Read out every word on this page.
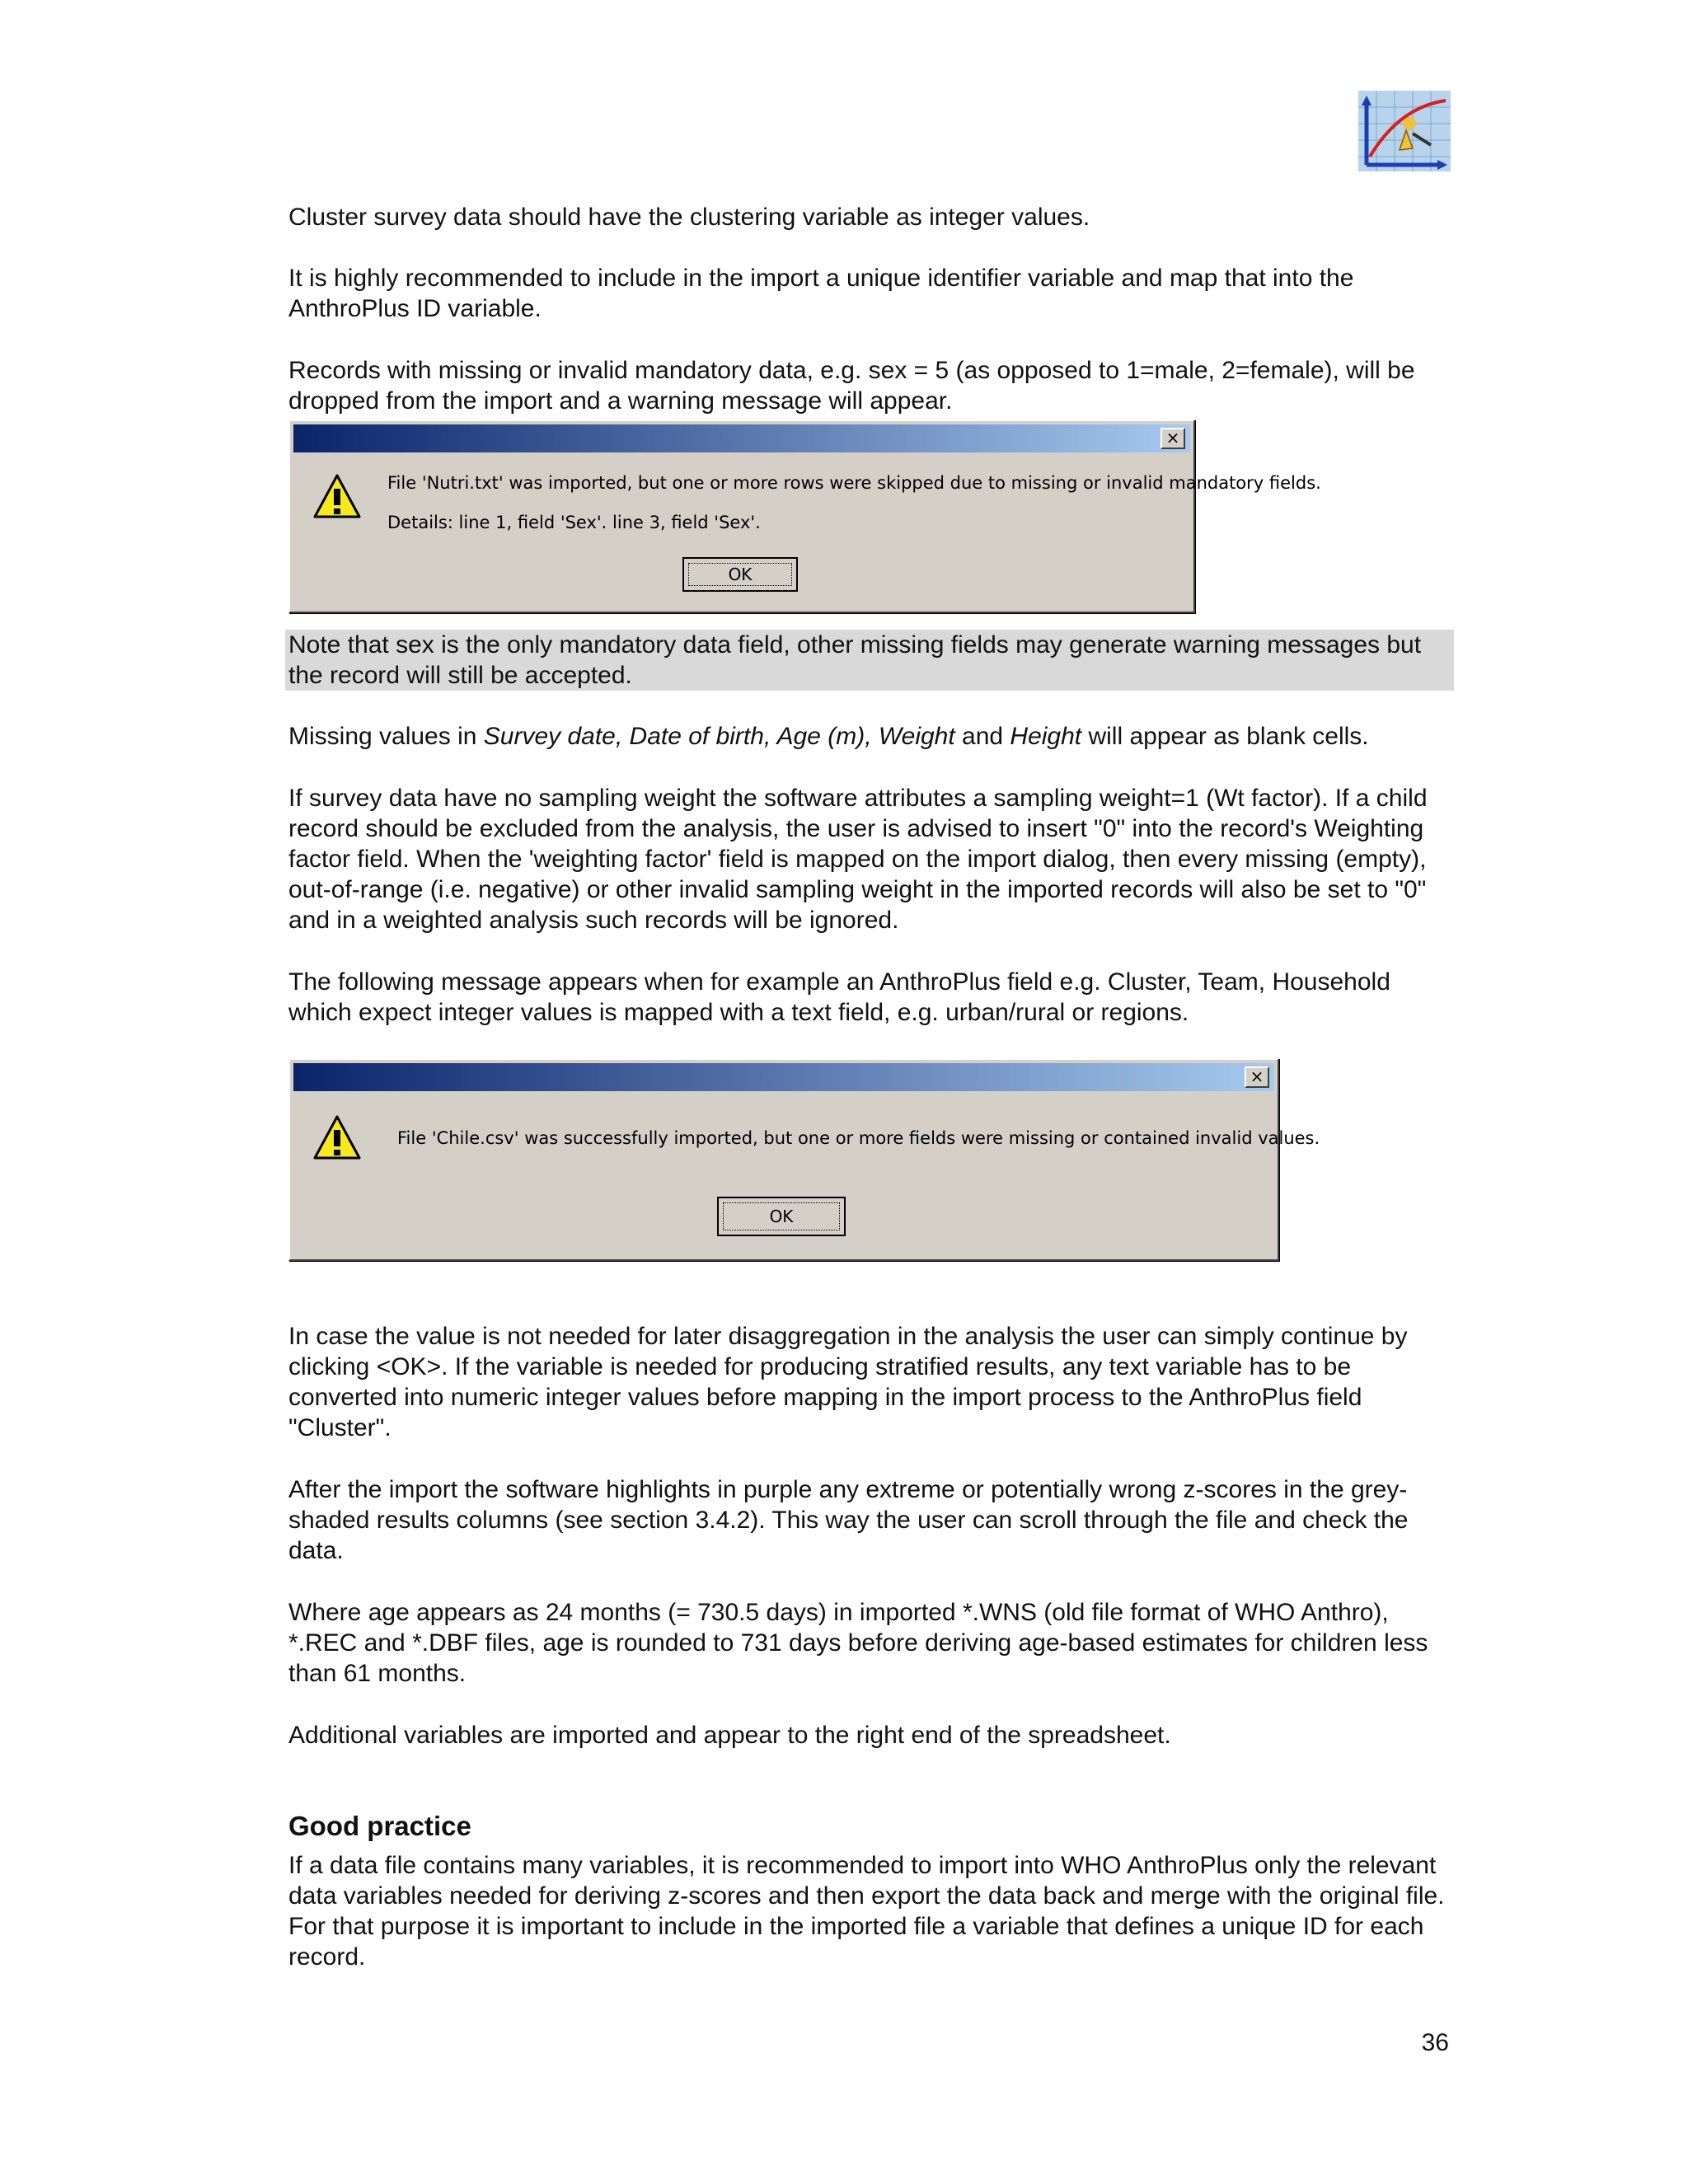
Cluster survey data should have the clustering variable as integer values.

It is highly recommended to include in the import a unique identifier variable and map that into the AnthroPlus ID variable.

Records with missing or invalid mandatory data, e.g. sex = 5 (as opposed to 1=male, 2=female), will be dropped from the import and a warning message will appear.

×
File 'Nutri.txt' was imported, but one or more rows were skipped due to missing or invalid mandatory fields.
Details: line 1, field 'Sex'. line 3, field 'Sex'.
OK

Note that sex is the only mandatory data field, other missing fields may generate warning messages but the record will still be accepted.

Missing values in Survey date, Date of birth, Age (m), Weight and Height will appear as blank cells.

If survey data have no sampling weight the software attributes a sampling weight=1 (Wt factor). If a child record should be excluded from the analysis, the user is advised to insert "0" into the record's Weighting factor field. When the 'weighting factor' field is mapped on the import dialog, then every missing (empty), out-of-range (i.e. negative) or other invalid sampling weight in the imported records will also be set to "0" and in a weighted analysis such records will be ignored.

The following message appears when for example an AnthroPlus field e.g. Cluster, Team, Household which expect integer values is mapped with a text field, e.g. urban/rural or regions.

×
File 'Chile.csv' was successfully imported, but one or more fields were missing or contained invalid values.
OK

In case the value is not needed for later disaggregation in the analysis the user can simply continue by clicking <OK>. If the variable is needed for producing stratified results, any text variable has to be converted into numeric integer values before mapping in the import process to the AnthroPlus field "Cluster".

After the import the software highlights in purple any extreme or potentially wrong z-scores in the grey-shaded results columns (see section 3.4.2). This way the user can scroll through the file and check the data.

Where age appears as 24 months (= 730.5 days) in imported *.WNS (old file format of WHO Anthro), *.REC and *.DBF files, age is rounded to 731 days before deriving age-based estimates for children less than 61 months.

Additional variables are imported and appear to the right end of the spreadsheet.

Good practice

If a data file contains many variables, it is recommended to import into WHO AnthroPlus only the relevant data variables needed for deriving z-scores and then export the data back and merge with the original file. For that purpose it is important to include in the imported file a variable that defines a unique ID for each record.

36
